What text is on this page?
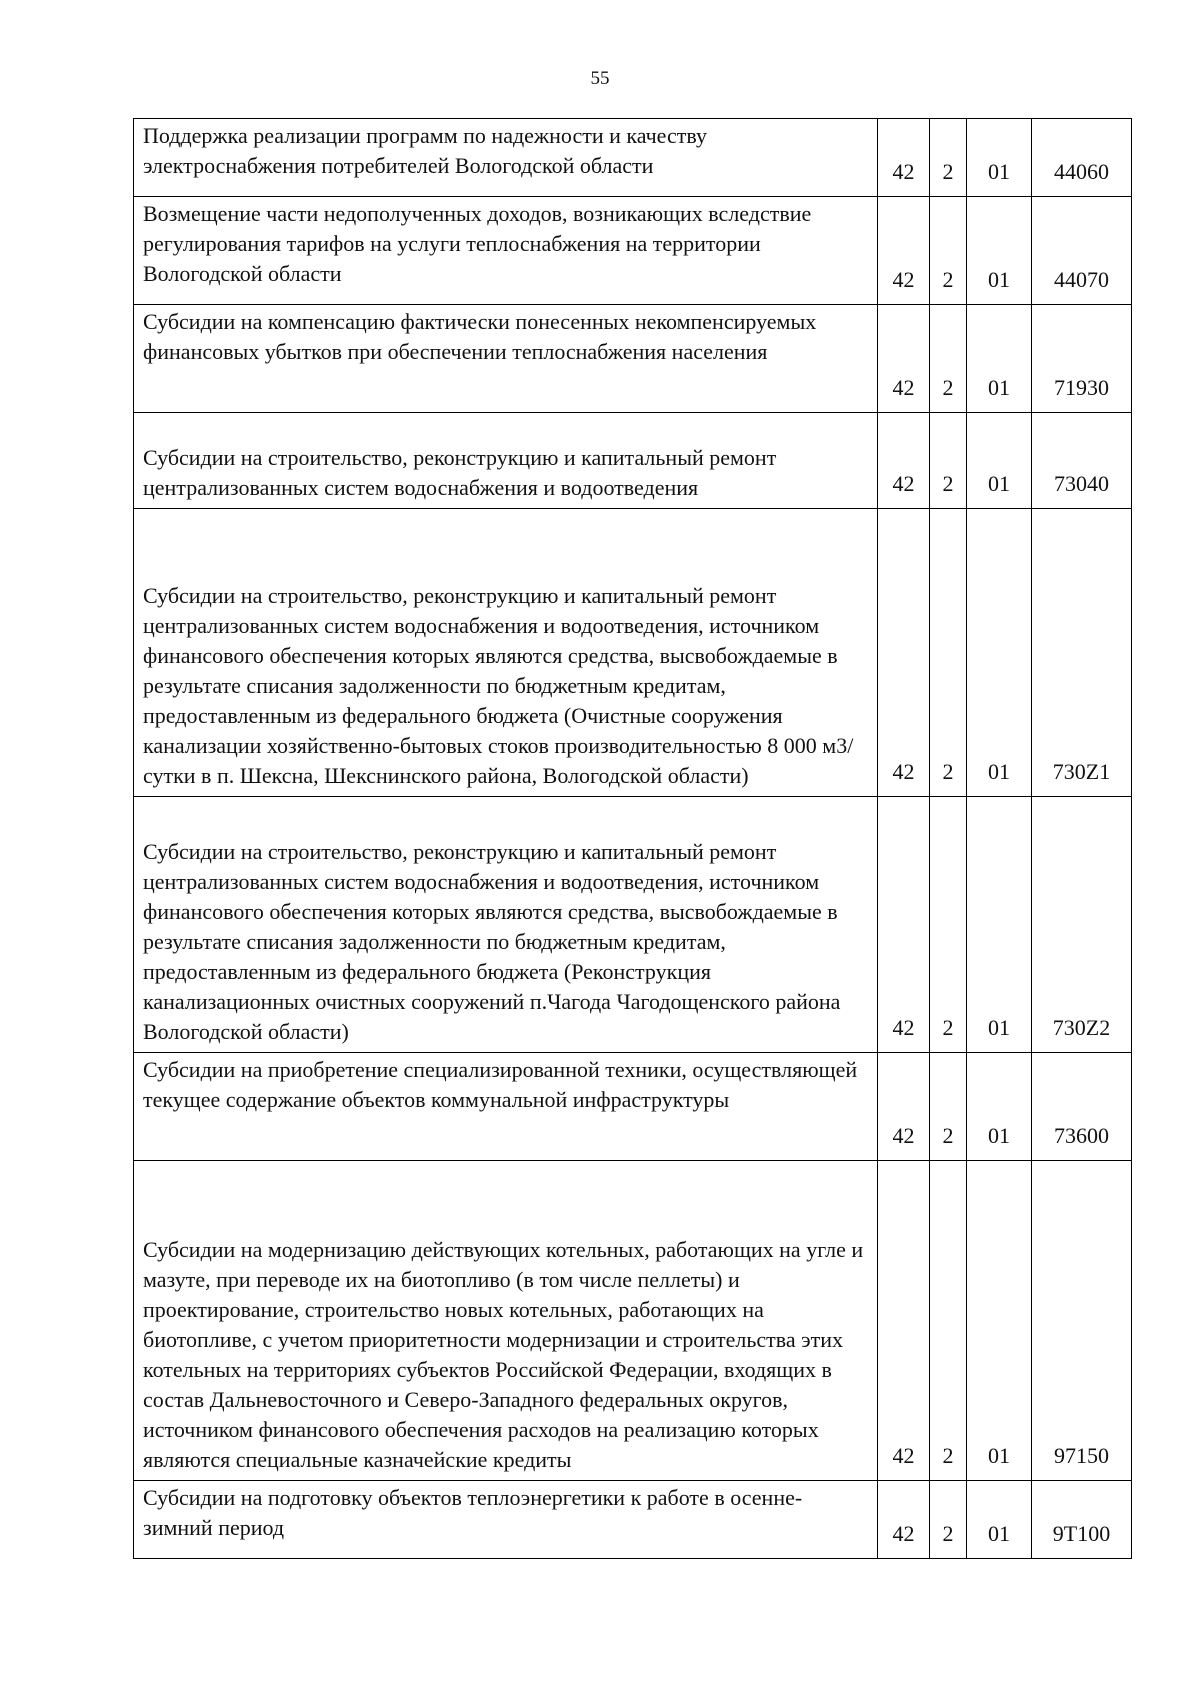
55
Поддержка реализации программ по надежности и качеству электроснабжения потребителей Вологодской области	42	2	01	44060
Возмещение части недополученных доходов, возникающих вследствие регулирования тарифов на услуги теплоснабжения на территории Вологодской области	42	2	01	44070
Субсидии на компенсацию фактически понесенных некомпенсируемых финансовых убытков при обеспечении теплоснабжения населения	42	2	01	71930
Субсидии на строительство, реконструкцию и капитальный ремонт централизованных систем водоснабжения и водоотведения	42	2	01	73040
Субсидии на строительство, реконструкцию и капитальный ремонт централизованных систем водоснабжения и водоотведения, источником финансового обеспечения которых являются средства, высвобождаемые в результате списания задолженности по бюджетным кредитам, предоставленным из федерального бюджета (Очистные сооружения канализации хозяйственно-бытовых стоков производительностью 8 000 м3/сутки в п. Шексна, Шекснинского района, Вологодской области)	42	2	01	730Z1
Субсидии на строительство, реконструкцию и капитальный ремонт централизованных систем водоснабжения и водоотведения, источником финансового обеспечения которых являются средства, высвобождаемые в результате списания задолженности по бюджетным кредитам, предоставленным из федерального бюджета (Реконструкция канализационных очистных сооружений п.Чагода Чагодощенского района Вологодской области)	42	2	01	730Z2
Субсидии на приобретение специализированной техники, осуществляющей текущее содержание объектов коммунальной инфраструктуры	42	2	01	73600
Субсидии на модернизацию действующих котельных, работающих на угле и мазуте, при переводе их на биотопливо (в том числе пеллеты) и проектирование, строительство новых котельных, работающих на биотопливе, с учетом приоритетности модернизации и строительства этих котельных на территориях субъектов Российской Федерации, входящих в состав Дальневосточного и Северо-Западного федеральных округов, источником финансового обеспечения расходов на реализацию которых являются специальные казначейские кредиты	42	2	01	97150
Субсидии на подготовку объектов теплоэнергетики к работе в осенне-зимний период	42	2	01	9Т100
